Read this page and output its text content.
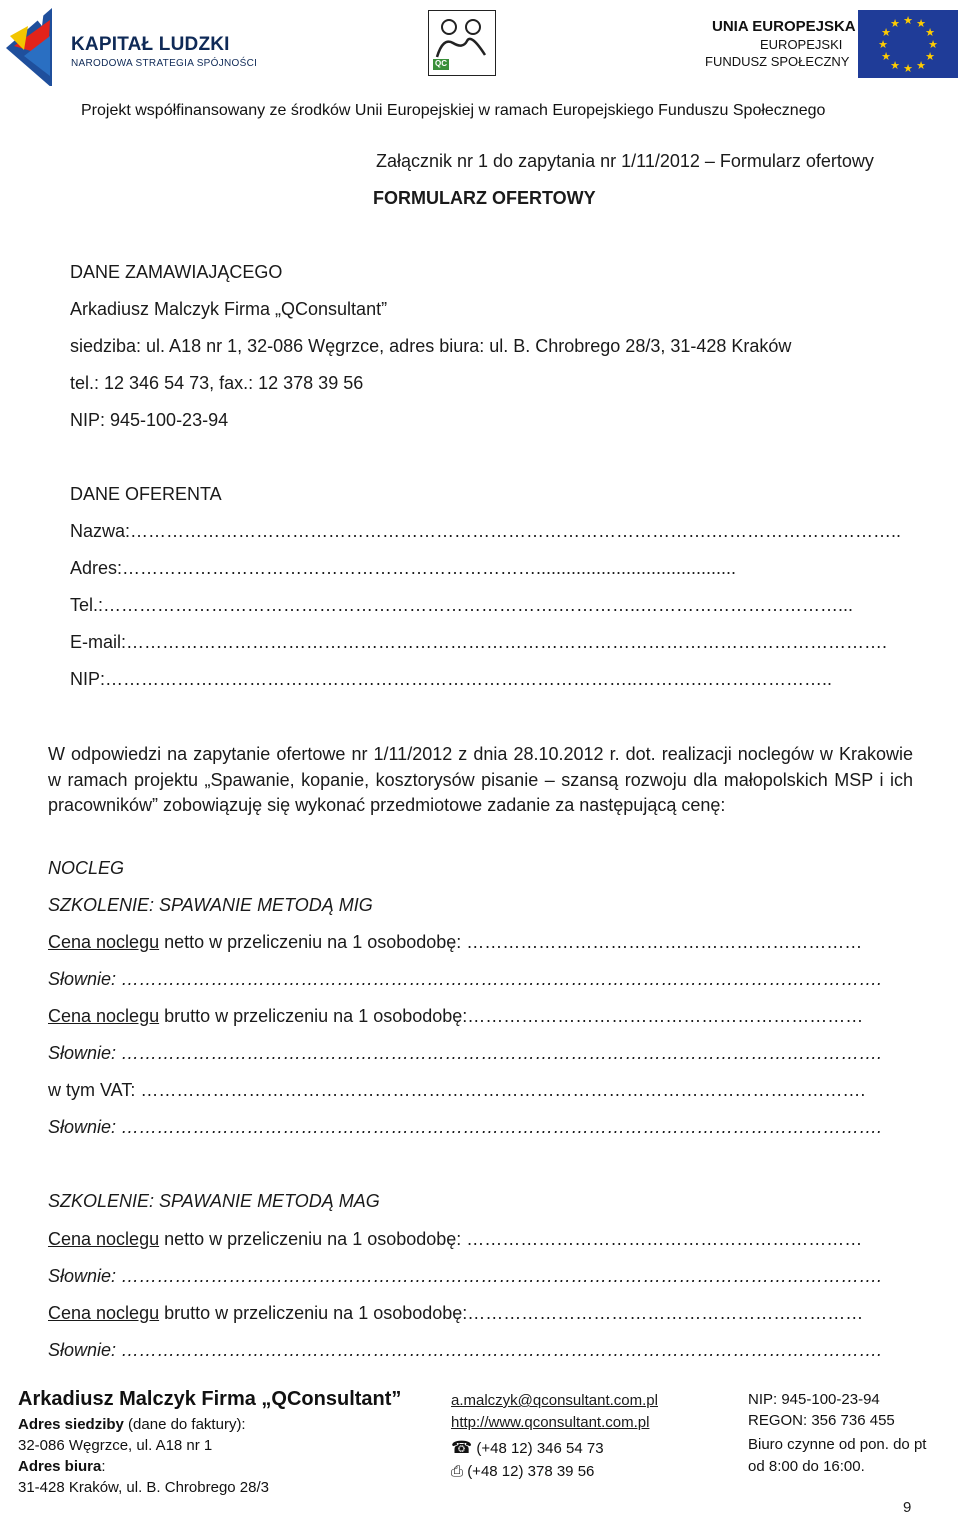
KAPITAŁ LUDZKI
NARODOWA STRATEGIA SPÓJNOŚCI	QC
UNIA EUROPEJSKA
EUROPEJSKI
FUNDUSZ SPOŁECZNY
★ ★
★
★
★
★
★
★
★
★
★
★
Projekt współfinansowany ze środków Unii Europejskiej w ramach Europejskiego Funduszu Społecznego
Załącznik nr 1 do zapytania nr 1/11/2012 – Formularz ofertowy
FORMULARZ OFERTOWY
DANE ZAMAWIAJĄCEGO
Arkadiusz Malczyk Firma „QConsultant”
siedziba: ul. A18 nr 1, 32-086 Węgrzce, adres biura: ul. B. Chrobrego 28/3, 31-428 Kraków
tel.: 12 346 54 73, fax.: 12 378 39 56
NIP: 945-100-23-94
DANE OFERENTA
Nazwa:…………………………………………………………………………………….…………………………..
Adres:……………………………………………………………........................................
Tel.:………………………………………………………………….…………..……………………………...
E-mail:……………………………………………………………………………………………………………….
NIP:……………………………………………………………………………..……….…………………..
W odpowiedzi na zapytanie ofertowe nr 1/11/2012 z dnia 28.10.2012 r. dot. realizacji noclegów w Krakowie w ramach projektu „Spawanie, kopanie, kosztorysów pisanie – szansą rozwoju dla małopolskich MSP i ich pracowników” zobowiązuję się wykonać przedmiotowe zadanie za następującą cenę:
NOCLEG
SZKOLENIE: SPAWANIE METODĄ MIG
Cena noclegu netto w przeliczeniu na 1 osobodobę: …………………………………………………………
Słownie: ……………………………………………………………………………………………………………….
Cena noclegu brutto w przeliczeniu na 1 osobodobę:…………………………………………………………
Słownie: ……………………………………………………………………………………………………………….
w tym VAT: ………………………………………………………………………………………………………….
Słownie: ……………………………………………………………………………………………………………….
SZKOLENIE: SPAWANIE METODĄ MAG
Cena noclegu netto w przeliczeniu na 1 osobodobę: …………………………………………………………
Słownie: ……………………………………………………………………………………………………………….
Cena noclegu brutto w przeliczeniu na 1 osobodobę:…………………………………………………………
Słownie: ……………………………………………………………………………………………………………….
Arkadiusz Malczyk Firma „QConsultant”
Adres siedziby (dane do faktury):
32-086 Węgrzce, ul. A18 nr 1
Adres biura:
31-428 Kraków, ul. B. Chrobrego 28/3
a.malczyk@qconsultant.com.pl
http://www.qconsultant.com.pl
☎ (+48 12) 346 54 73
⎙ (+48 12) 378 39 56
NIP: 945-100-23-94
REGON: 356 736 455
Biuro czynne od pon. do pt
od 8:00 do 16:00.
9
